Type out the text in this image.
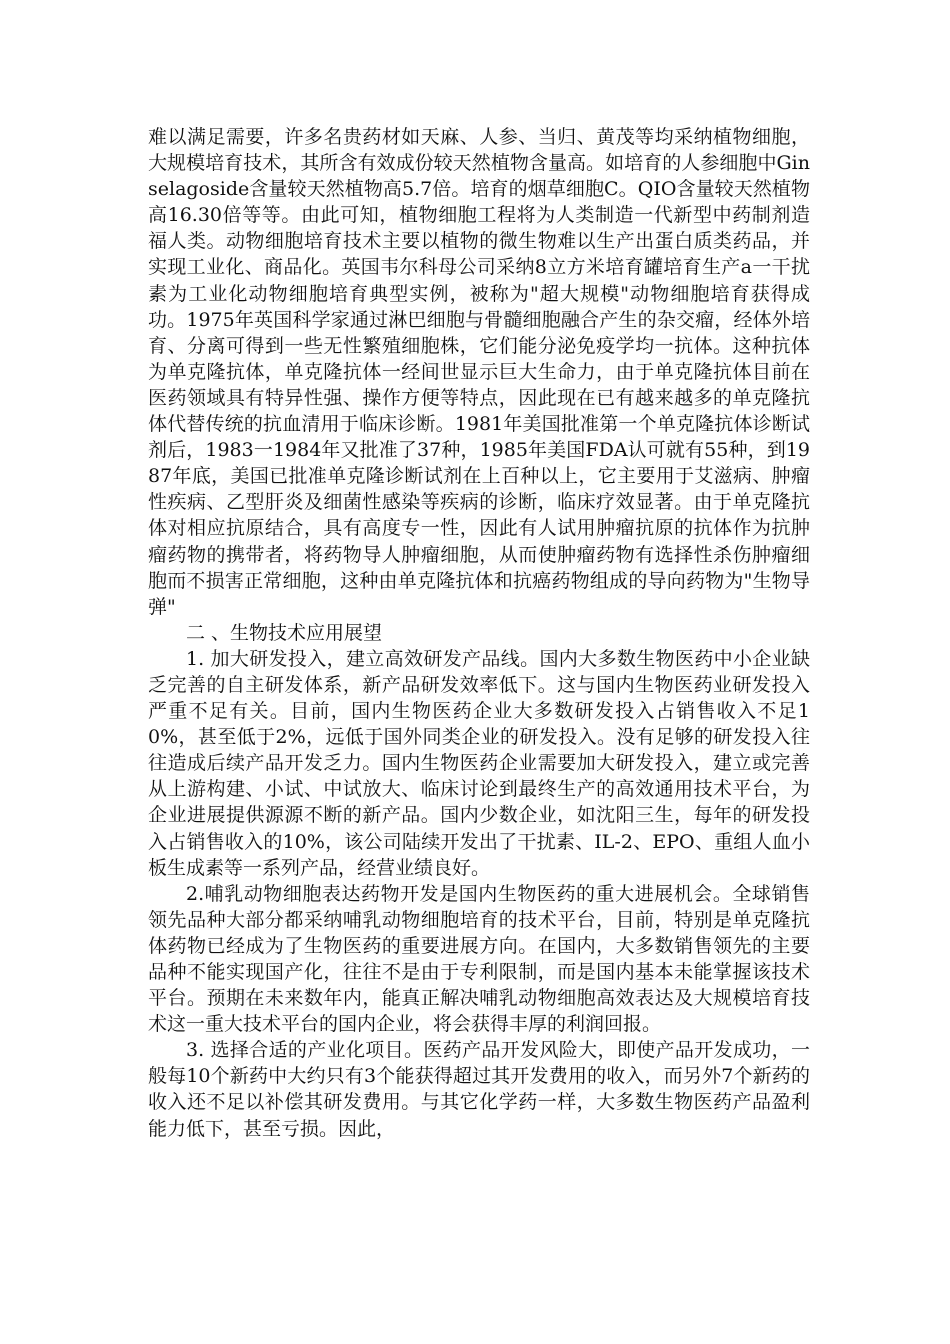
难以满足需要，许多名贵药材如天麻、人参、当归、黄茂等均采纳植物细胞，大规模培育技术，其所含有效成份较天然植物含量高。如培育的人参细胞中Ginselagoside含量较天然植物高5.7倍。培育的烟草细胞C。QIO含量较天然植物高16.30倍等等。由此可知，植物细胞工程将为人类制造一代新型中药制剂造福人类。动物细胞培育技术主要以植物的微生物难以生产出蛋白质类药品，并实现工业化、商品化。英国韦尔科母公司采纳8立方米培育罐培育生产a一干扰素为工业化动物细胞培育典型实例，被称为"超大规模"动物细胞培育获得成功。1975年英国科学家通过淋巴细胞与骨髓细胞融合产生的杂交瘤，经体外培育、分离可得到一些无性繁殖细胞株，它们能分泌免疫学均一抗体。这种抗体为单克隆抗体，单克隆抗体一经间世显示巨大生命力，由于单克隆抗体目前在医药领域具有特异性强、操作方便等特点，因此现在已有越来越多的单克隆抗体代替传统的抗血清用于临床诊断。1981年美国批准第一个单克隆抗体诊断试剂后，1983一1984年又批准了37种，1985年美国FDA认可就有55种，到1987年底，美国已批准单克隆诊断试剂在上百种以上，它主要用于艾滋病、肿瘤性疾病、乙型肝炎及细菌性感染等疾病的诊断，临床疗效显著。由于单克隆抗体对相应抗原结合，具有高度专一性，因此有人试用肿瘤抗原的抗体作为抗肿瘤药物的携带者，将药物导人肿瘤细胞，从而使肿瘤药物有选择性杀伤肿瘤细胞而不损害正常细胞，这种由单克隆抗体和抗癌药物组成的导向药物为"生物导弹"

二 、生物技术应用展望

1. 加大研发投入，建立高效研发产品线。国内大多数生物医药中小企业缺乏完善的自主研发体系，新产品研发效率低下。这与国内生物医药业研发投入严重不足有关。目前，国内生物医药企业大多数研发投入占销售收入不足10%，甚至低于2%，远低于国外同类企业的研发投入。没有足够的研发投入往往造成后续产品开发乏力。国内生物医药企业需要加大研发投入，建立或完善从上游构建、小试、中试放大、临床讨论到最终生产的高效通用技术平台，为企业进展提供源源不断的新产品。国内少数企业，如沈阳三生，每年的研发投入占销售收入的10%，该公司陆续开发出了干扰素、IL-2、EPO、重组人血小板生成素等一系列产品，经营业绩良好。

2.哺乳动物细胞表达药物开发是国内生物医药的重大进展机会。全球销售领先品种大部分都采纳哺乳动物细胞培育的技术平台，目前，特别是单克隆抗体药物已经成为了生物医药的重要进展方向。在国内，大多数销售领先的主要品种不能实现国产化，往往不是由于专利限制，而是国内基本未能掌握该技术平台。预期在未来数年内，能真正解决哺乳动物细胞高效表达及大规模培育技术这一重大技术平台的国内企业，将会获得丰厚的利润回报。

3. 选择合适的产业化项目。医药产品开发风险大，即使产品开发成功，一般每10个新药中大约只有3个能获得超过其开发费用的收入，而另外7个新药的收入还不足以补偿其研发费用。与其它化学药一样，大多数生物医药产品盈利能力低下，甚至亏损。因此，
